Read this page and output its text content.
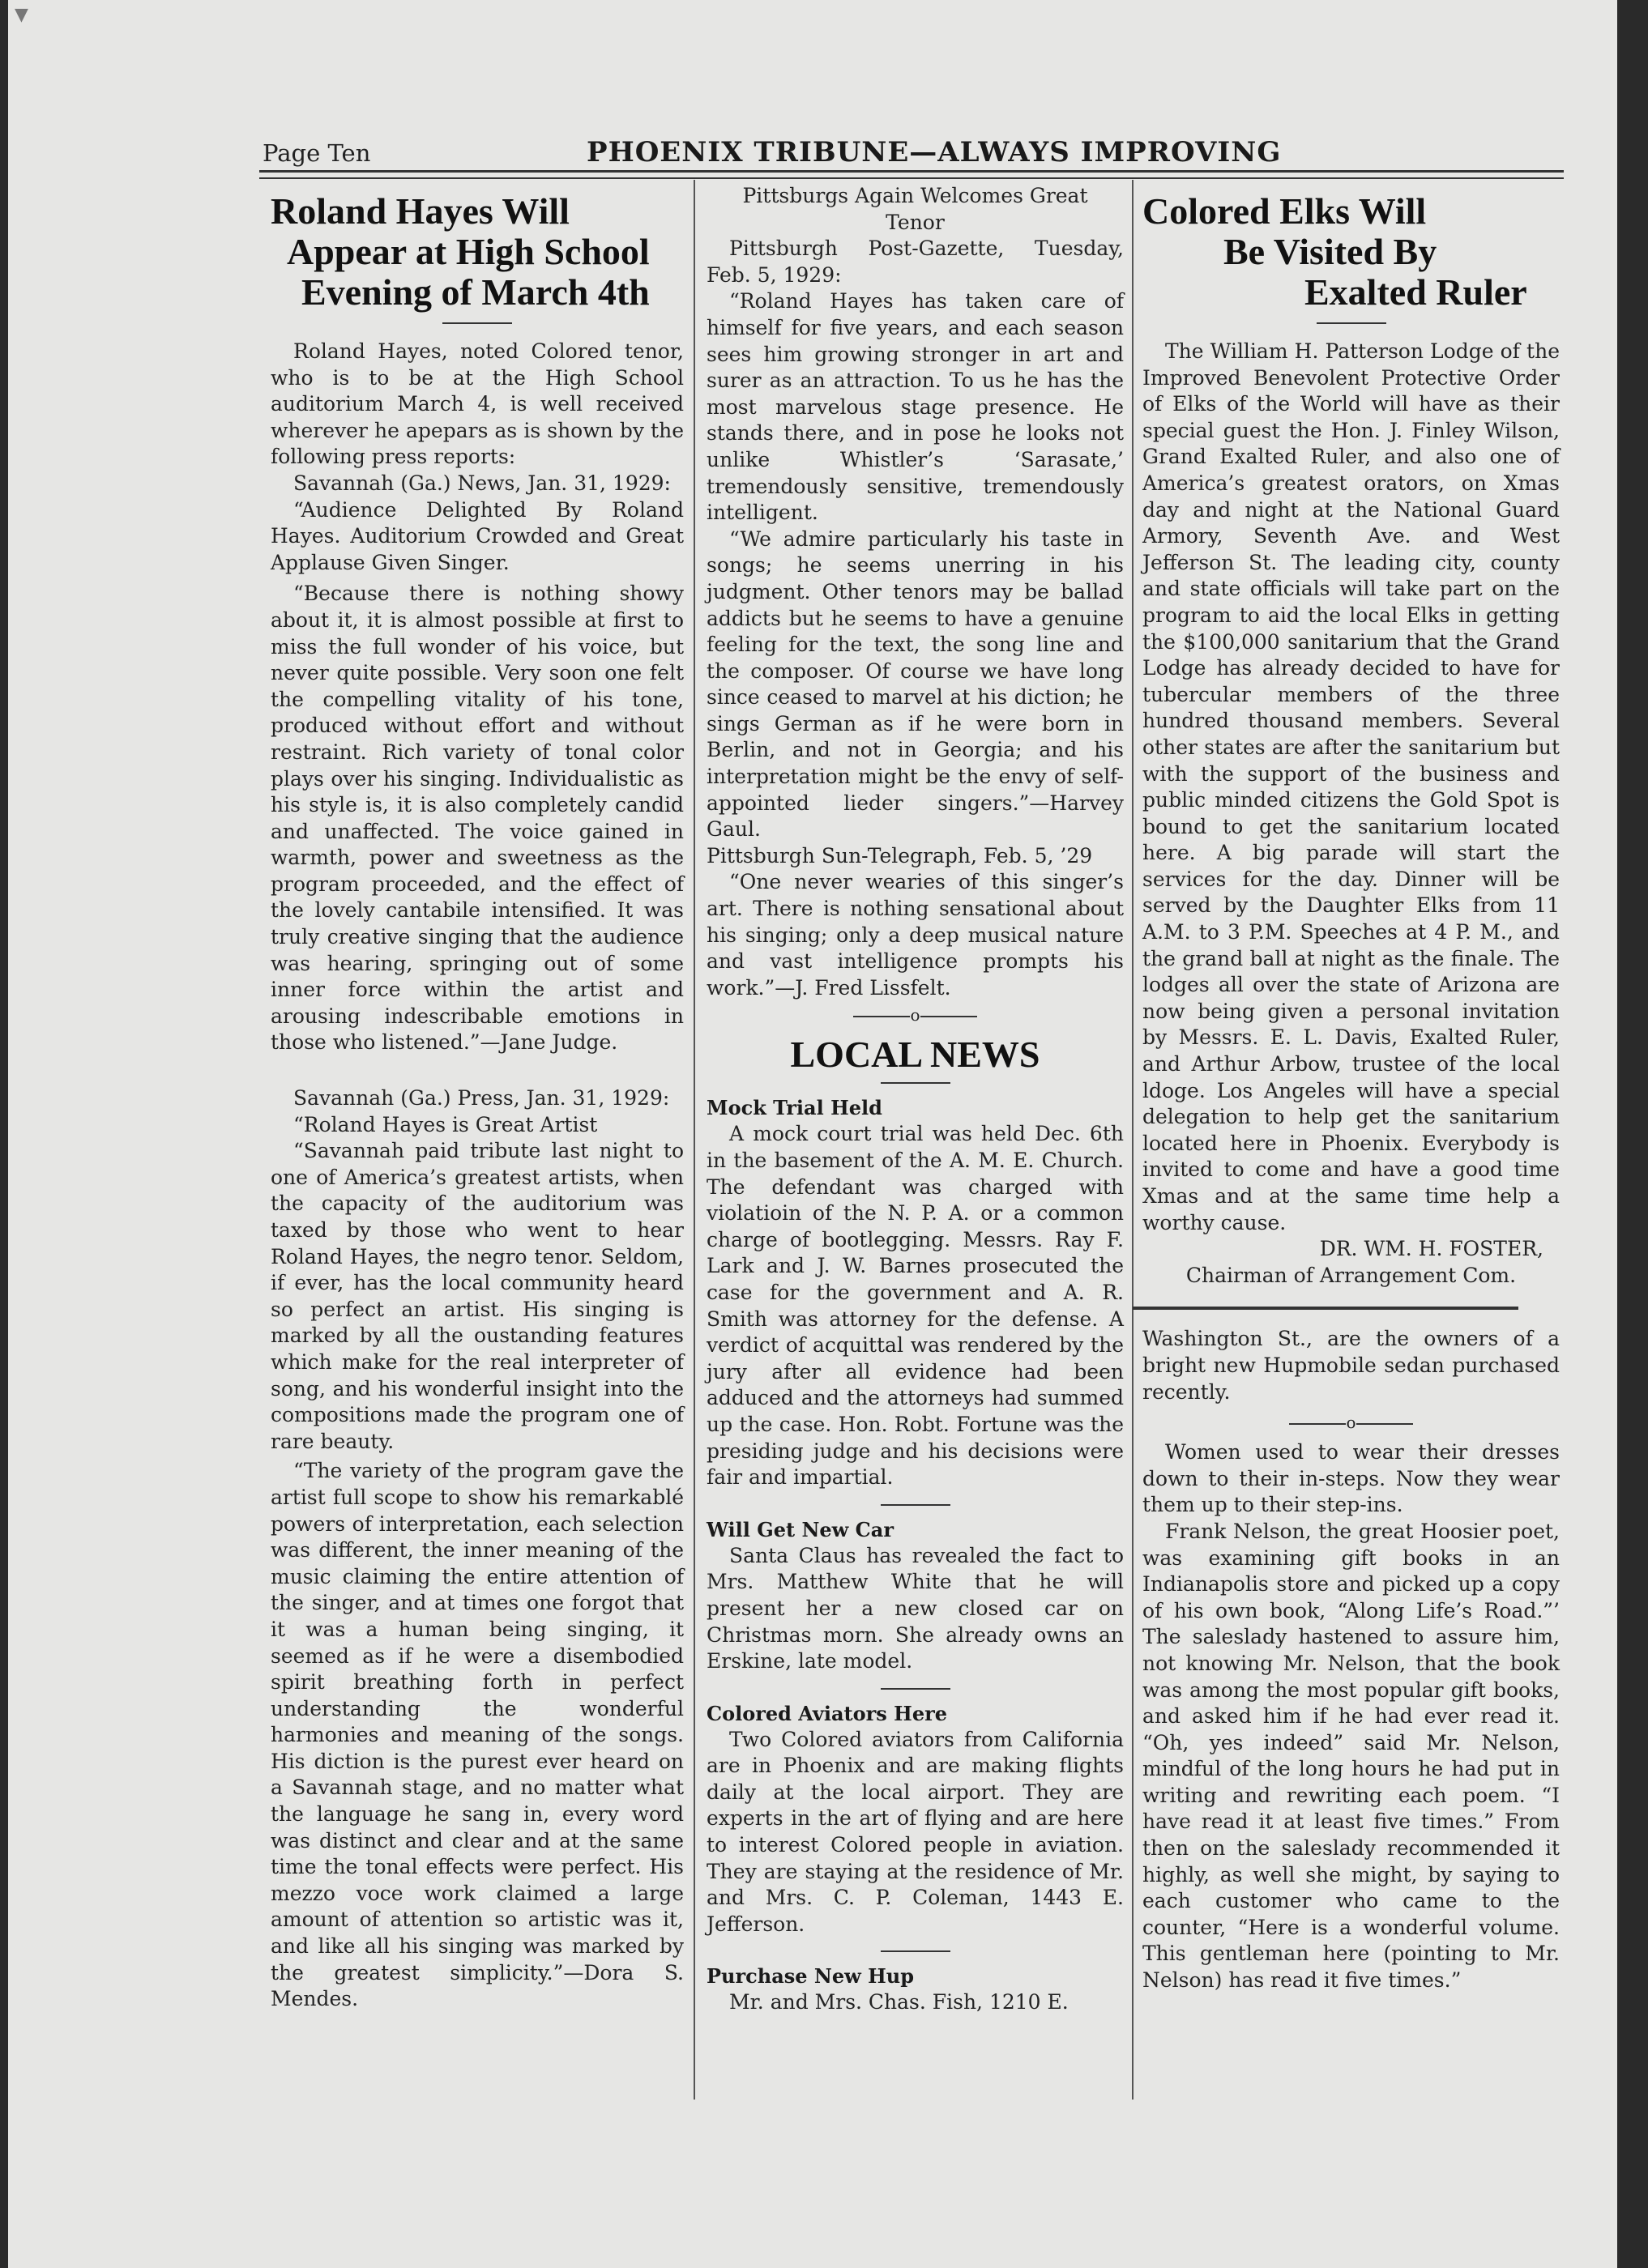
▼
Page Ten	PHOENIX TRIBUNE—ALWAYS IMPROVING
Roland Hayes Will
Appear at High School
Evening of March 4th

Roland Hayes, noted Colored tenor, who is to be at the High School auditorium March 4, is well received wherever he apepars as is shown by the following press reports:

Savannah (Ga.) News, Jan. 31, 1929:

“Audience Delighted By Roland Hayes. Auditorium Crowded and Great Applause Given Singer.

“Because there is nothing showy about it, it is almost possible at first to miss the full wonder of his voice, but never quite possible. Very soon one felt the compelling vitality of his tone, produced without effort and without restraint. Rich variety of tonal color plays over his singing. Individualistic as his style is, it is also completely candid and unaffected. The voice gained in warmth, power and sweetness as the program proceeded, and the effect of the lovely cantabile intensified. It was truly creative singing that the audience was hearing, springing out of some inner force within the artist and arousing indescribable emotions in those who listened.”—Jane Judge.

Savannah (Ga.) Press, Jan. 31, 1929:

“Roland Hayes is Great Artist

“Savannah paid tribute last night to one of America’s greatest artists, when the capacity of the auditorium was taxed by those who went to hear Roland Hayes, the negro tenor. Seldom, if ever, has the local community heard so perfect an artist. His singing is marked by all the oustanding features which make for the real interpreter of song, and his wonderful insight into the compositions made the program one of rare beauty.

“The variety of the program gave the artist full scope to show his remarkablé powers of interpretation, each selection was different, the inner meaning of the music claiming the entire attention of the singer, and at times one forgot that it was a human being singing, it seemed as if he were a disembodied spirit breathing forth in perfect understanding the wonderful harmonies and meaning of the songs. His diction is the purest ever heard on a Savannah stage, and no matter what the language he sang in, every word was distinct and clear and at the same time the tonal effects were perfect. His mezzo voce work claimed a large amount of attention so artistic was it, and like all his singing was marked by the greatest simplicity.”—Dora S. Mendes.

Pittsburgs Again Welcomes Great Tenor

Pittsburgh Post-Gazette, Tuesday, Feb. 5, 1929:

“Roland Hayes has taken care of himself for five years, and each season sees him growing stronger in art and surer as an attraction. To us he has the most marvelous stage presence. He stands there, and in pose he looks not unlike Whistler’s ‘Sarasate,’ tremendously sensitive, tremendously intelligent.

“We admire particularly his taste in songs; he seems unerring in his judgment. Other tenors may be ballad addicts but he seems to have a genuine feeling for the text, the song line and the composer. Of course we have long since ceased to marvel at his diction; he sings German as if he were born in Berlin, and not in Georgia; and his interpretation might be the envy of self-appointed lieder singers.”—Harvey Gaul.

Pittsburgh Sun-Telegraph, Feb. 5, ’29

“One never wearies of this singer’s art. There is nothing sensational about his singing; only a deep musical nature and vast intelligence prompts his work.”—J. Fred Lissfelt.

o
LOCAL NEWS
Mock Trial Held

A mock court trial was held Dec. 6th in the basement of the A. M. E. Church. The defendant was charged with violatioin of the N. P. A. or a common charge of bootlegging. Messrs. Ray F. Lark and J. W. Barnes prosecuted the case for the government and A. R. Smith was attorney for the defense. A verdict of acquittal was rendered by the jury after all evidence had been adduced and the attorneys had summed up the case. Hon. Robt. Fortune was the presiding judge and his decisions were fair and impartial.

Will Get New Car

Santa Claus has revealed the fact to Mrs. Matthew White that he will present her a new closed car on Christmas morn. She already owns an Erskine, late model.

Colored Aviators Here

Two Colored aviators from California are in Phoenix and are making flights daily at the local airport. They are experts in the art of flying and are here to interest Colored people in aviation. They are staying at the residence of Mr. and Mrs. C. P. Coleman, 1443 E. Jefferson.

Purchase New Hup

Mr. and Mrs. Chas. Fish, 1210 E.

Colored Elks Will
Be Visited By
Exalted Ruler

The William H. Patterson Lodge of the Improved Benevolent Protective Order of Elks of the World will have as their special guest the Hon. J. Finley Wilson, Grand Exalted Ruler, and also one of America’s greatest orators, on Xmas day and night at the National Guard Armory, Seventh Ave. and West Jefferson St. The leading city, county and state officials will take part on the program to aid the local Elks in getting the $100,000 sanitarium that the Grand Lodge has already decided to have for tubercular members of the three hundred thousand members. Several other states are after the sanitarium but with the support of the business and public minded citizens the Gold Spot is bound to get the sanitarium located here. A big parade will start the services for the day. Dinner will be served by the Daughter Elks from 11 A.M. to 3 P.M. Speeches at 4 P. M., and the grand ball at night as the finale. The lodges all over the state of Arizona are now being given a personal invitation by Messrs. E. L. Davis, Exalted Ruler, and Arthur Arbow, trustee of the local ldoge. Los Angeles will have a special delegation to help get the sanitarium located here in Phoenix. Everybody is invited to come and have a good time Xmas and at the same time help a worthy cause.

DR. WM. H. FOSTER,

Chairman of Arrangement Com.

Washington St., are the owners of a bright new Hupmobile sedan purchased recently.

o

Women used to wear their dresses down to their in-steps. Now they wear them up to their step-ins.

Frank Nelson, the great Hoosier poet, was examining gift books in an Indianapolis store and picked up a copy of his own book, “Along Life’s Road.”’ The saleslady hastened to assure him, not knowing Mr. Nelson, that the book was among the most popular gift books, and asked him if he had ever read it. “Oh, yes indeed” said Mr. Nelson, mindful of the long hours he had put in writing and rewriting each poem. “I have read it at least five times.” From then on the saleslady recommended it highly, as well she might, by saying to each customer who came to the counter, “Here is a wonderful volume. This gentleman here (pointing to Mr. Nelson) has read it five times.”
